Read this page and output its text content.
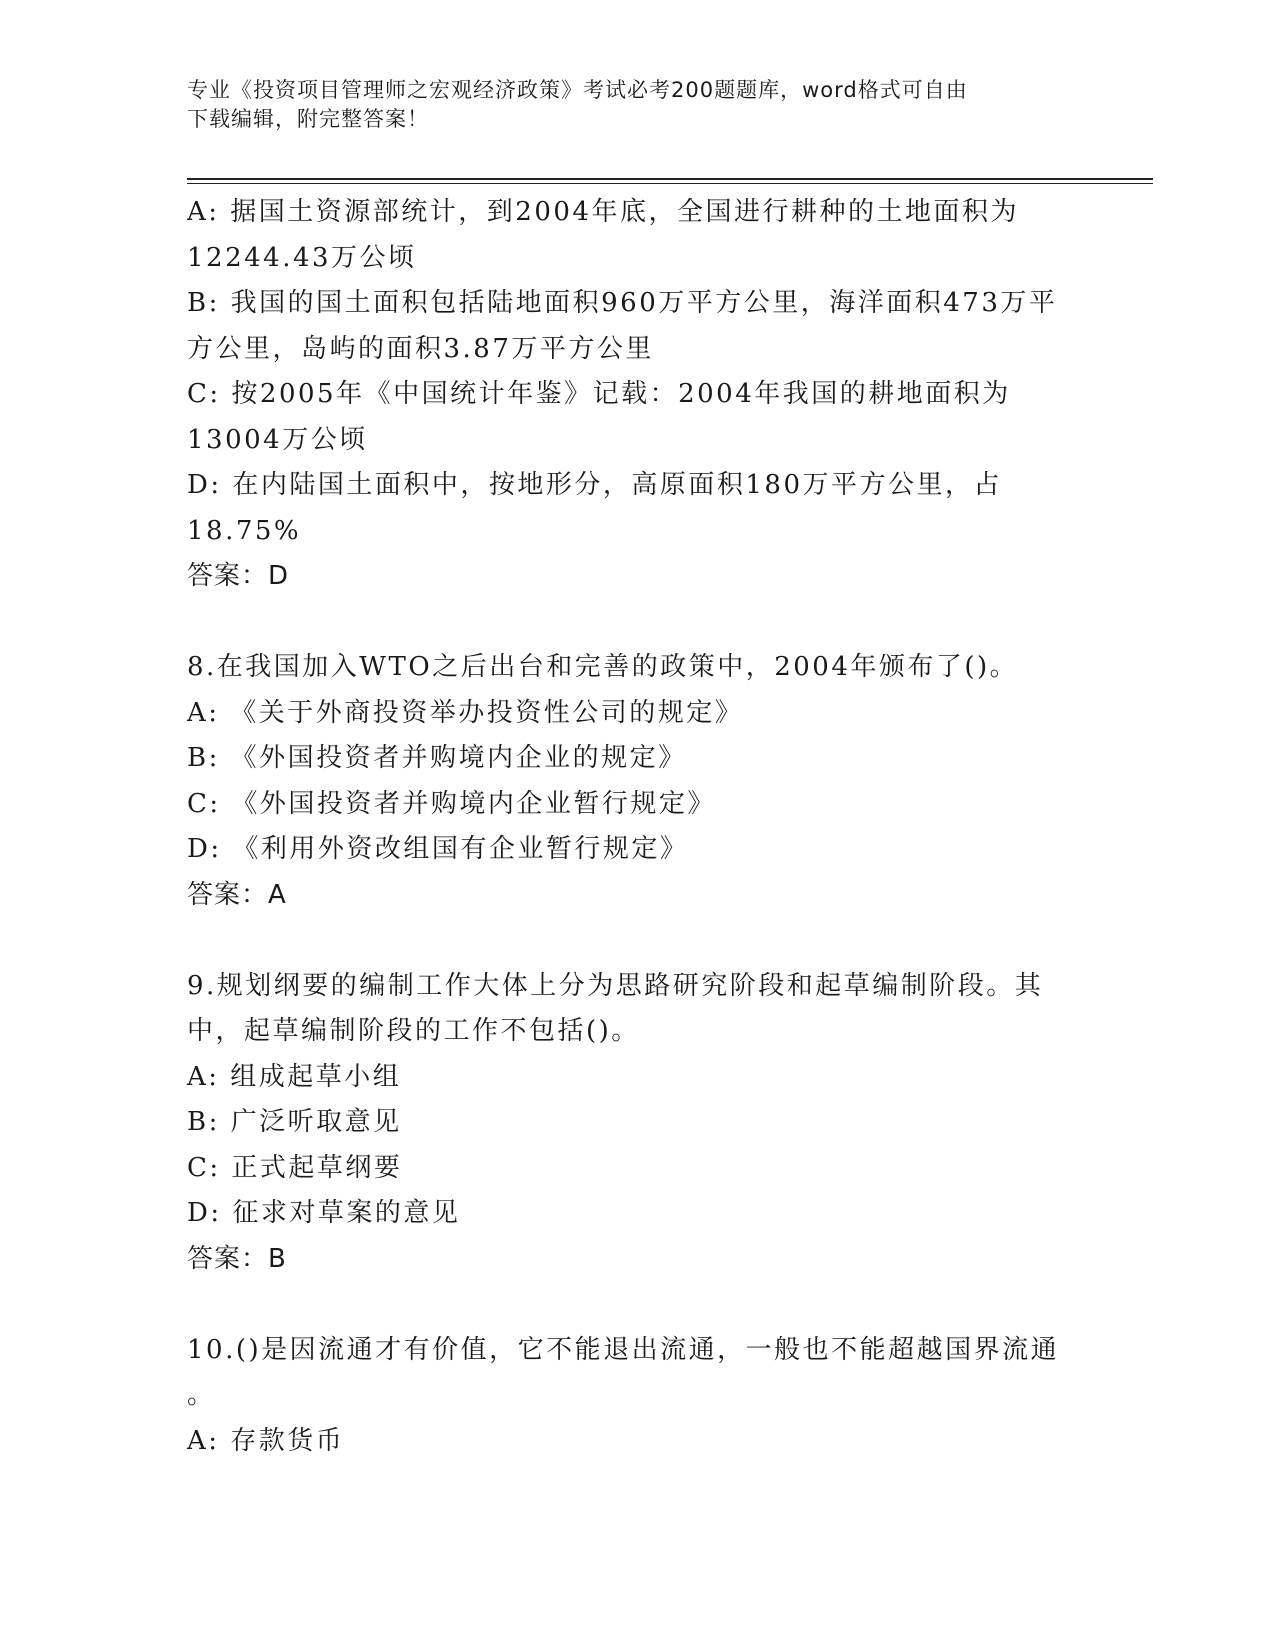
专业《投资项目管理师之宏观经济政策》考试必考200题题库，word格式可自由
下载编辑，附完整答案！
A: 据国土资源部统计，到2004年底，全国进行耕种的土地面积为
12244.43万公顷
B: 我国的国土面积包括陆地面积960万平方公里，海洋面积473万平
方公里，岛屿的面积3.87万平方公里
C: 按2005年《中国统计年鉴》记载：2004年我国的耕地面积为
13004万公顷
D: 在内陆国土面积中，按地形分，高原面积180万平方公里，占
18.75%
答案：D
8.在我国加入WTO之后出台和完善的政策中，2004年颁布了()。
A: 《关于外商投资举办投资性公司的规定》
B: 《外国投资者并购境内企业的规定》
C: 《外国投资者并购境内企业暂行规定》
D: 《利用外资改组国有企业暂行规定》
答案：A
9.规划纲要的编制工作大体上分为思路研究阶段和起草编制阶段。其
中，起草编制阶段的工作不包括()。
A: 组成起草小组
B: 广泛听取意见
C: 正式起草纲要
D: 征求对草案的意见
答案：B
10.()是因流通才有价值，它不能退出流通，一般也不能超越国界流通
。
A: 存款货币
